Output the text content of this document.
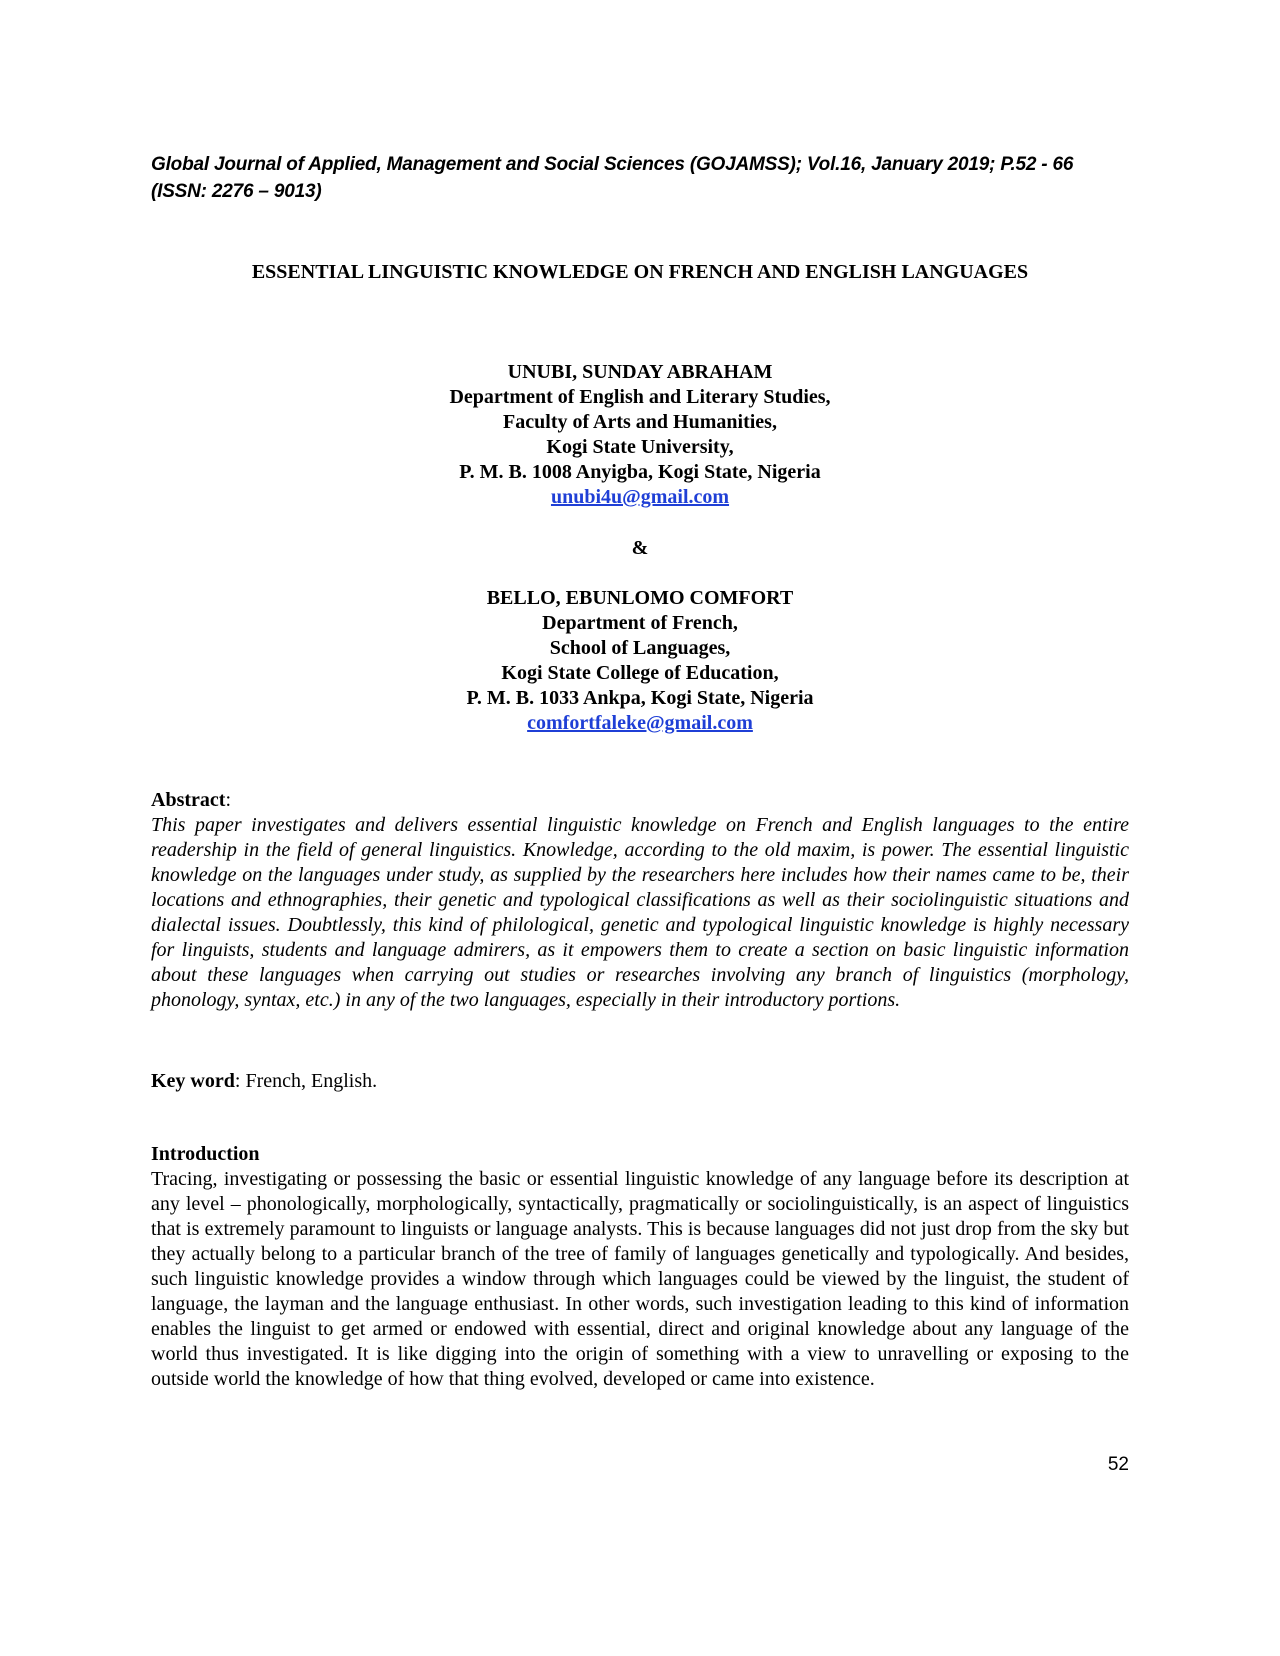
Global Journal of Applied, Management and Social Sciences (GOJAMSS); Vol.16, January 2019; P.52 - 66
(ISSN: 2276 – 9013)
ESSENTIAL LINGUISTIC KNOWLEDGE ON FRENCH AND ENGLISH LANGUAGES
UNUBI, SUNDAY ABRAHAM
Department of English and Literary Studies,
Faculty of Arts and Humanities,
Kogi State University,
P. M. B. 1008 Anyigba, Kogi State, Nigeria
unubi4u@gmail.com
&
BELLO, EBUNLOMO COMFORT
Department of French,
School of Languages,
Kogi State College of Education,
P. M. B. 1033 Ankpa, Kogi State, Nigeria
comfortfaleke@gmail.com
Abstract:
This paper investigates and delivers essential linguistic knowledge on French and English languages to the entire readership in the field of general linguistics. Knowledge, according to the old maxim, is power. The essential linguistic knowledge on the languages under study, as supplied by the researchers here includes how their names came to be, their locations and ethnographies, their genetic and typological classifications as well as their sociolinguistic situations and dialectal issues. Doubtlessly, this kind of philological, genetic and typological linguistic knowledge is highly necessary for linguists, students and language admirers, as it empowers them to create a section on basic linguistic information about these languages when carrying out studies or researches involving any branch of linguistics (morphology, phonology, syntax, etc.) in any of the two languages, especially in their introductory portions.
Key word: French, English.
Introduction
Tracing, investigating or possessing the basic or essential linguistic knowledge of any language before its description at any level – phonologically, morphologically, syntactically, pragmatically or sociolinguistically, is an aspect of linguistics that is extremely paramount to linguists or language analysts. This is because languages did not just drop from the sky but they actually belong to a particular branch of the tree of family of languages genetically and typologically. And besides, such linguistic knowledge provides a window through which languages could be viewed by the linguist, the student of language, the layman and the language enthusiast. In other words, such investigation leading to this kind of information enables the linguist to get armed or endowed with essential, direct and original knowledge about any language of the world thus investigated. It is like digging into the origin of something with a view to unravelling or exposing to the outside world the knowledge of how that thing evolved, developed or came into existence.
52
